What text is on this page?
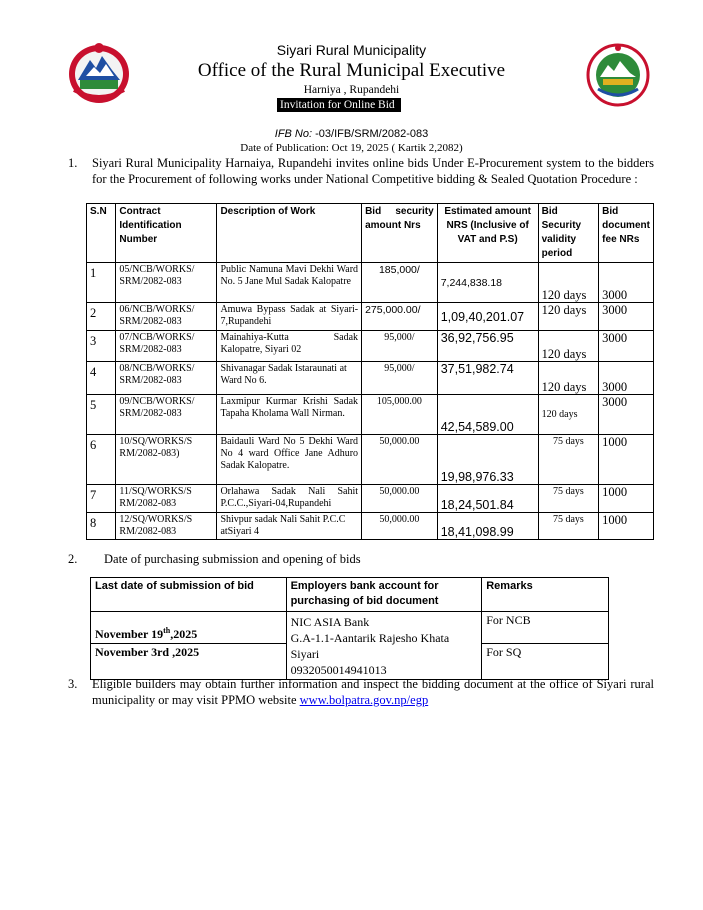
Siyari Rural Municipality
Office of the Rural Municipal Executive
Harniya , Rupandehi
Invitation for Online Bid
IFB No: -03/IFB/SRM/2082-083
Date of Publication: Oct 19, 2025 ( Kartik 2,2082)
1. Siyari Rural Municipality Harnaiya, Rupandehi invites online bids Under E-Procurement system to the bidders for the Procurement of following works under National Competitive bidding & Sealed Quotation Procedure :
S.N	Contract Identification Number	Description of Work	Bid security amount Nrs	Estimated amount NRS (Inclusive of VAT and P.S)	Bid Security validity period	Bid document fee NRs
1	05/NCB/WORKS/ SRM/2082-083	Public Namuna Mavi Dekhi Ward No. 5 Jane Mul Sadak Kalopatre	185,000/	7,244,838.18	120 days	3000
2	06/NCB/WORKS/ SRM/2082-083	Amuwa Bypass Sadak at Siyari-7,Rupandehi	275,000.00/	1,09,40,201.07	120 days	3000
3	07/NCB/WORKS/ SRM/2082-083	Mainahiya-Kutta Sadak Kalopatre, Siyari 02	95,000/	36,92,756.95	120 days	3000
4	08/NCB/WORKS/ SRM/2082-083	Shivanagar Sadak Istaraunati at Ward No 6.	95,000/	37,51,982.74	120 days	3000
5	09/NCB/WORKS/ SRM/2082-083	Laxmipur Kurmar Krishi Sadak Tapaha Kholama Wall Nirman.	105,000.00	42,54,589.00	120 days	3000
6	10/SQ/WORKS/S RM/2082-083)	Baidauli Ward No 5 Dekhi Ward No 4 ward Office Jane Adhuro Sadak Kalopatre.	50,000.00	19,98,976.33	75 days	1000
7	11/SQ/WORKS/S RM/2082-083	Orlahawa Sadak Nali Sahit P.C.C.,Siyari-04,Rupandehi	50,000.00	18,24,501.84	75 days	1000
8	12/SQ/WORKS/S RM/2082-083	Shivpur sadak Nali Sahit P.C.C atSiyari 4	50,000.00	18,41,098.99	75 days	1000
2. Date of purchasing submission and opening of bids
Last date of submission of bid	Employers bank account for purchasing of bid document	Remarks
November 19th,2025	NIC ASIA Bank
G.A-1.1-Aantarik Rajesho Khata
Siyari
0932050014941013	For NCB
November 3rd ,2025		For SQ
3. Eligible builders may obtain further information and inspect the bidding document at the office of Siyari rural municipality or may visit PPMO website www.bolpatra.gov.np/egp
